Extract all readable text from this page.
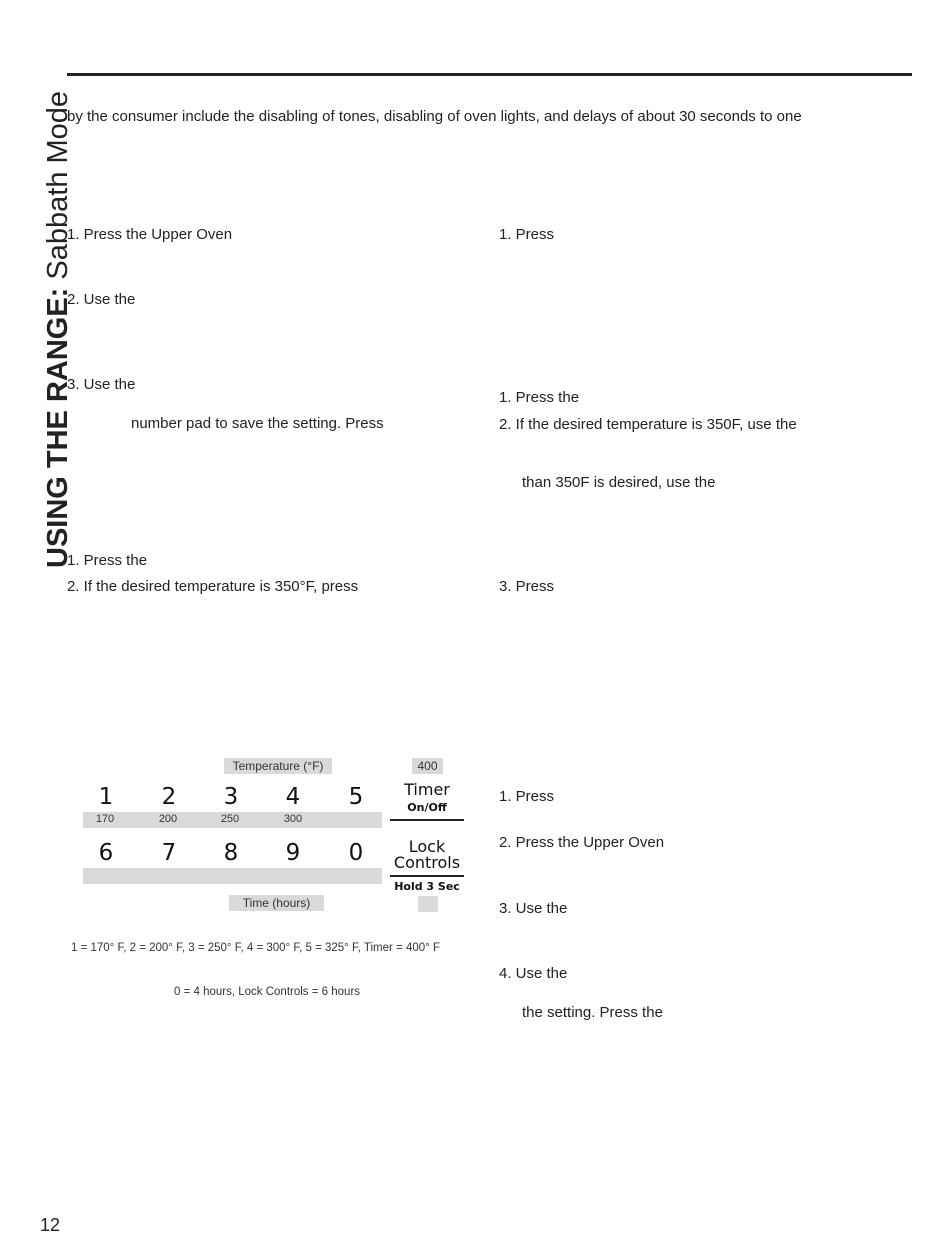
USING THE RANGE: Sabbath Mode
by the consumer include the disabling of tones, disabling of oven lights, and delays of about 30 seconds to one
1. Press the Upper Oven
2. Use the
3. Use the
number pad to save the setting. Press
1. Press the
2. If the desired temperature is 350°F, press
1. Press
1. Press the
2. If the desired temperature is 350F, use the
than 350F is desired, use the
3. Press
1. Press
2. Press the Upper Oven
3. Use the
4. Use the
the setting. Press the
Temperature (°F)	400
1	2	3	4	5
170	200	250	300
6	7	8	9	0
Timer
On/Off
Lock
Controls
Hold 3 Sec
Time (hours)
1 = 170° F, 2 = 200° F, 3 = 250° F, 4 = 300° F, 5 = 325° F, Timer = 400° F
0 = 4 hours, Lock Controls = 6 hours
12
